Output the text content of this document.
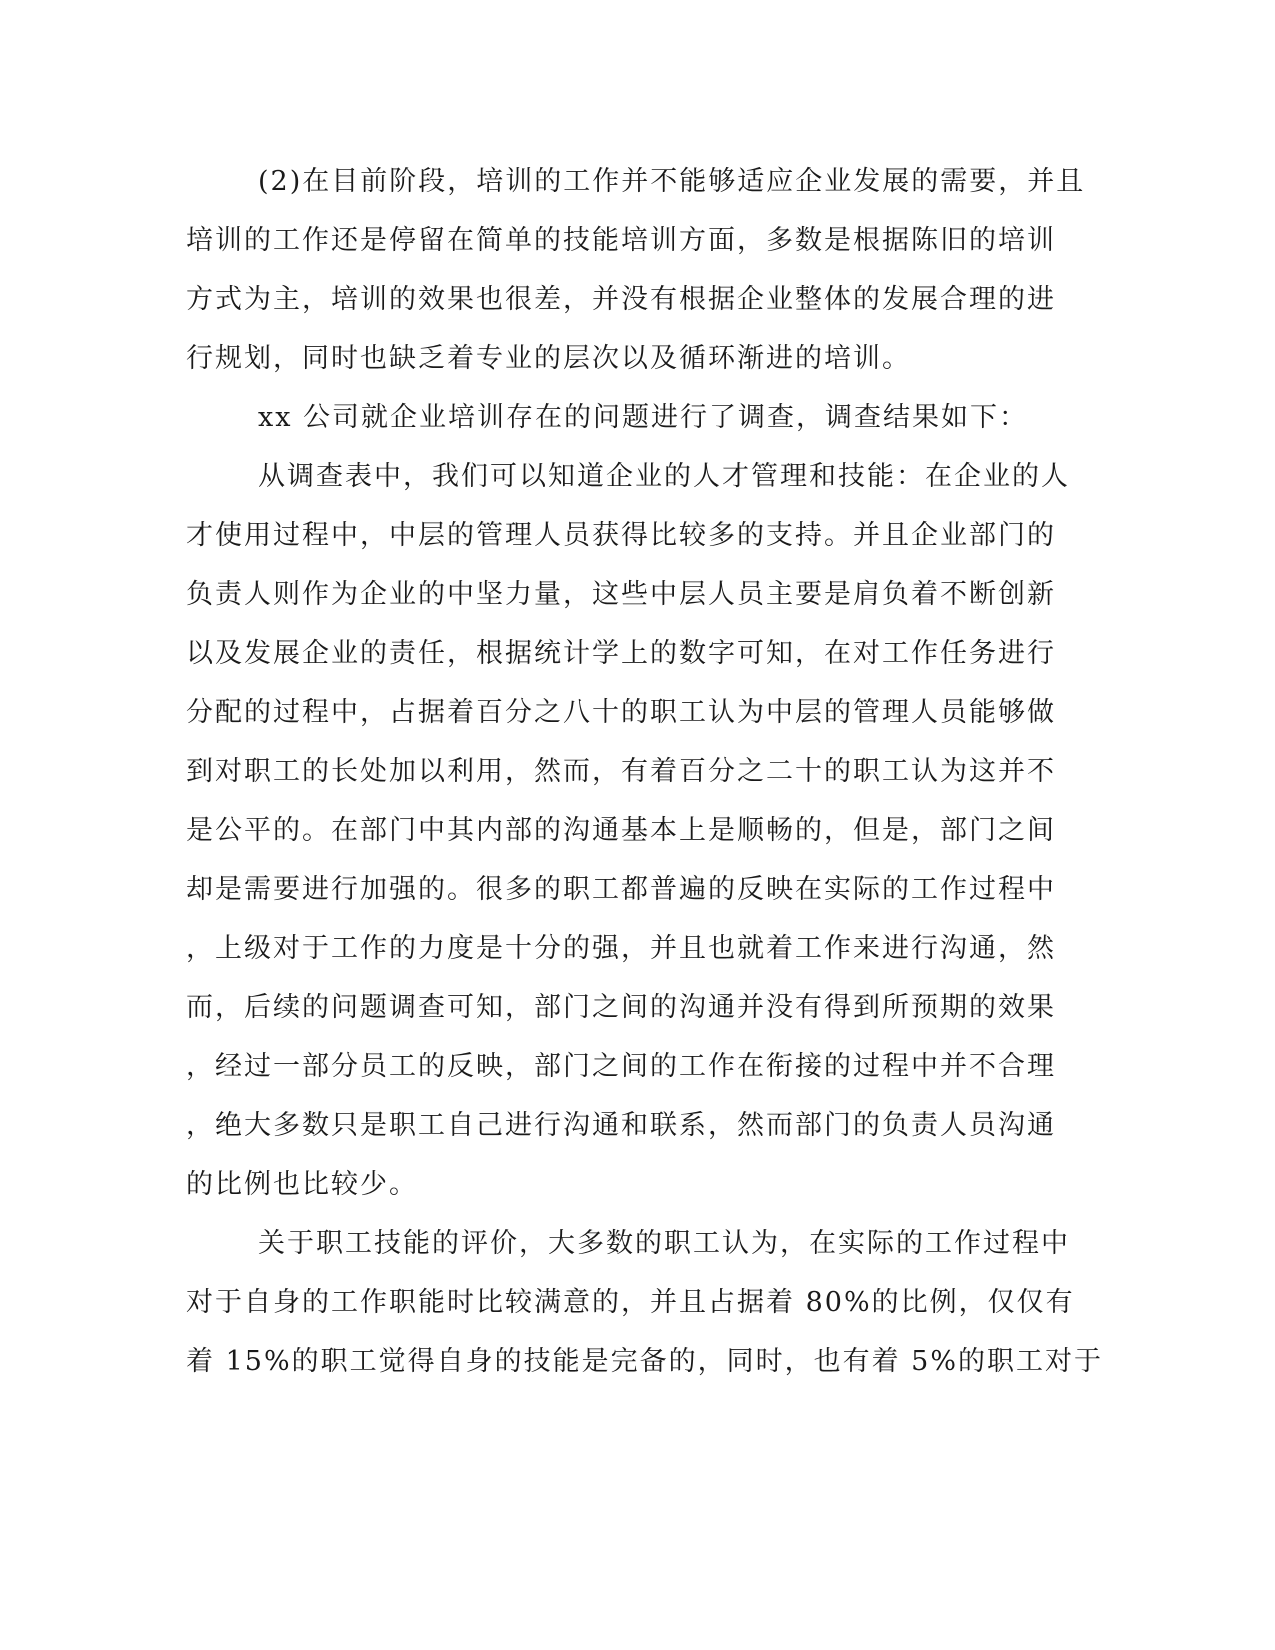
(2)在目前阶段，培训的工作并不能够适应企业发展的需要，并且
培训的工作还是停留在简单的技能培训方面，多数是根据陈旧的培训
方式为主，培训的效果也很差，并没有根据企业整体的发展合理的进
行规划，同时也缺乏着专业的层次以及循环渐进的培训。
xx 公司就企业培训存在的问题进行了调查，调查结果如下：
从调查表中，我们可以知道企业的人才管理和技能：在企业的人
才使用过程中，中层的管理人员获得比较多的支持。并且企业部门的
负责人则作为企业的中坚力量，这些中层人员主要是肩负着不断创新
以及发展企业的责任，根据统计学上的数字可知，在对工作任务进行
分配的过程中，占据着百分之八十的职工认为中层的管理人员能够做
到对职工的长处加以利用，然而，有着百分之二十的职工认为这并不
是公平的。在部门中其内部的沟通基本上是顺畅的，但是，部门之间
却是需要进行加强的。很多的职工都普遍的反映在实际的工作过程中
，上级对于工作的力度是十分的强，并且也就着工作来进行沟通，然
而，后续的问题调查可知，部门之间的沟通并没有得到所预期的效果
，经过一部分员工的反映，部门之间的工作在衔接的过程中并不合理
，绝大多数只是职工自己进行沟通和联系，然而部门的负责人员沟通
的比例也比较少。
关于职工技能的评价，大多数的职工认为，在实际的工作过程中
对于自身的工作职能时比较满意的，并且占据着 80%的比例，仅仅有
着 15%的职工觉得自身的技能是完备的，同时，也有着 5%的职工对于
